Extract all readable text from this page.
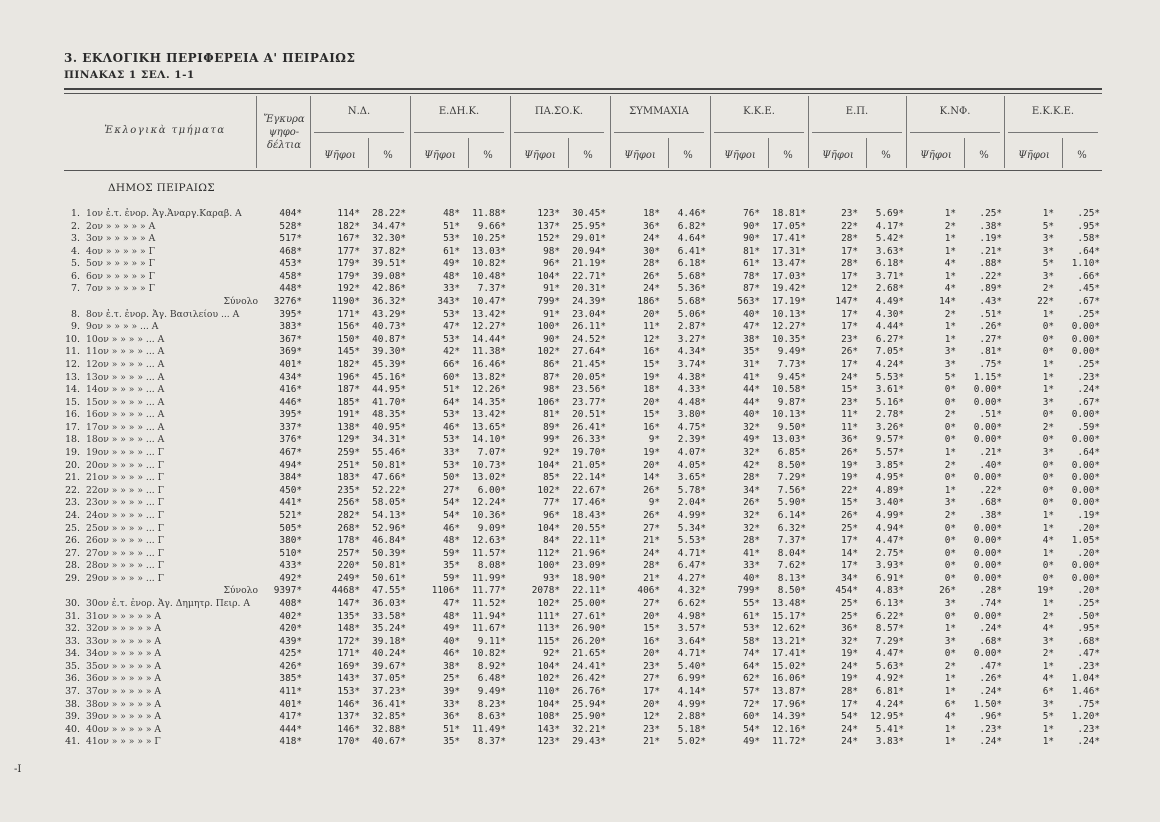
3. ΕΚΛΟΓΙΚΗ ΠΕΡΙΦΕΡΕΙΑ Α' ΠΕΙΡΑΙΩΣ
ΠΙΝΑΚΑΣ 1 ΣΕΛ. 1-1
Ἐκλογικὰ τμήματα
Ἔγκυρα
ψηφο-
δέλτια
Ν.Δ.
Ψῆφοι	%
Ε.ΔΗ.Κ.
Ψῆφοι	%
ΠΑ.ΣΟ.Κ.
Ψῆφοι	%
ΣΥΜΜΑΧΙΑ
Ψῆφοι	%
Κ.Κ.Ε.
Ψῆφοι	%
Ε.Π.
Ψῆφοι	%
Κ.ΝΦ.
Ψῆφοι	%
Ε.Κ.Κ.Ε.
Ψῆφοι	%
ΔΗΜΟΣ ΠΕΙΡΑΙΩΣ
1. 1ον ἐ.τ. ἐνορ. Ἀγ.Ἀναργ.Καραβ. Α	404*	114*	28.22*	48*	11.88*	123*	30.45*	18*	4.46*	76*	18.81*	23*	5.69*	1*	.25*	1*	.25*
2. 2ον » » » » » Α	528*	182*	34.47*	51*	9.66*	137*	25.95*	36*	6.82*	90*	17.05*	22*	4.17*	2*	.38*	5*	.95*
3. 3ον » » » » » Α	517*	167*	32.30*	53*	10.25*	152*	29.01*	24*	4.64*	90*	17.41*	28*	5.42*	1*	.19*	3*	.58*
4. 4ον » » » » » Γ	468*	177*	37.82*	61*	13.03*	98*	20.94*	30*	6.41*	81*	17.31*	17*	3.63*	1*	.21*	3*	.64*
5. 5ον » » » » » Γ	453*	179*	39.51*	49*	10.82*	96*	21.19*	28*	6.18*	61*	13.47*	28*	6.18*	4*	.88*	5*	1.10*
6. 6ον » » » » » Γ	458*	179*	39.08*	48*	10.48*	104*	22.71*	26*	5.68*	78*	17.03*	17*	3.71*	1*	.22*	3*	.66*
7. 7ον » » » » » Γ	448*	192*	42.86*	33*	7.37*	91*	20.31*	24*	5.36*	87*	19.42*	12*	2.68*	4*	.89*	2*	.45*
Σύνολο	3276*	1190*	36.32*	343*	10.47*	799*	24.39*	186*	5.68*	563*	17.19*	147*	4.49*	14*	.43*	22*	.67*
8. 8ον ἐ.τ. ἐνορ. Ἀγ. Βασιλείου ... Α	395*	171*	43.29*	53*	13.42*	91*	23.04*	20*	5.06*	40*	10.13*	17*	4.30*	2*	.51*	1*	.25*
9. 9ον » » » » ... Α	383*	156*	40.73*	47*	12.27*	100*	26.11*	11*	2.87*	47*	12.27*	17*	4.44*	1*	.26*	0*	0.00*
10. 10ον » » » » ... Α	367*	150*	40.87*	53*	14.44*	90*	24.52*	12*	3.27*	38*	10.35*	23*	6.27*	1*	.27*	0*	0.00*
11. 11ον » » » » ... Α	369*	145*	39.30*	42*	11.38*	102*	27.64*	16*	4.34*	35*	9.49*	26*	7.05*	3*	.81*	0*	0.00*
12. 12ον » » » » ... Α	401*	182*	45.39*	66*	16.46*	86*	21.45*	15*	3.74*	31*	7.73*	17*	4.24*	3*	.75*	1*	.25*
13. 13ον » » » » ... Α	434*	196*	45.16*	60*	13.82*	87*	20.05*	19*	4.38*	41*	9.45*	24*	5.53*	5*	1.15*	1*	.23*
14. 14ον » » » » ... Α	416*	187*	44.95*	51*	12.26*	98*	23.56*	18*	4.33*	44*	10.58*	15*	3.61*	0*	0.00*	1*	.24*
15. 15ον » » » » ... Α	446*	185*	41.70*	64*	14.35*	106*	23.77*	20*	4.48*	44*	9.87*	23*	5.16*	0*	0.00*	3*	.67*
16. 16ον » » » » ... Α	395*	191*	48.35*	53*	13.42*	81*	20.51*	15*	3.80*	40*	10.13*	11*	2.78*	2*	.51*	0*	0.00*
17. 17ον » » » » ... Α	337*	138*	40.95*	46*	13.65*	89*	26.41*	16*	4.75*	32*	9.50*	11*	3.26*	0*	0.00*	2*	.59*
18. 18ον » » » » ... Α	376*	129*	34.31*	53*	14.10*	99*	26.33*	9*	2.39*	49*	13.03*	36*	9.57*	0*	0.00*	0*	0.00*
19. 19ον » » » » ... Γ	467*	259*	55.46*	33*	7.07*	92*	19.70*	19*	4.07*	32*	6.85*	26*	5.57*	1*	.21*	3*	.64*
20. 20ον » » » » ... Γ	494*	251*	50.81*	53*	10.73*	104*	21.05*	20*	4.05*	42*	8.50*	19*	3.85*	2*	.40*	0*	0.00*
21. 21ον » » » » ... Γ	384*	183*	47.66*	50*	13.02*	85*	22.14*	14*	3.65*	28*	7.29*	19*	4.95*	0*	0.00*	0*	0.00*
22. 22ον » » » » ... Γ	450*	235*	52.22*	27*	6.00*	102*	22.67*	26*	5.78*	34*	7.56*	22*	4.89*	1*	.22*	0*	0.00*
23. 23ον » » » » ... Γ	441*	256*	58.05*	54*	12.24*	77*	17.46*	9*	2.04*	26*	5.90*	15*	3.40*	3*	.68*	0*	0.00*
24. 24ον » » » » ... Γ	521*	282*	54.13*	54*	10.36*	96*	18.43*	26*	4.99*	32*	6.14*	26*	4.99*	2*	.38*	1*	.19*
25. 25ον » » » » ... Γ	505*	268*	52.96*	46*	9.09*	104*	20.55*	27*	5.34*	32*	6.32*	25*	4.94*	0*	0.00*	1*	.20*
26. 26ον » » » » ... Γ	380*	178*	46.84*	48*	12.63*	84*	22.11*	21*	5.53*	28*	7.37*	17*	4.47*	0*	0.00*	4*	1.05*
27. 27ον » » » » ... Γ	510*	257*	50.39*	59*	11.57*	112*	21.96*	24*	4.71*	41*	8.04*	14*	2.75*	0*	0.00*	1*	.20*
28. 28ον » » » » ... Γ	433*	220*	50.81*	35*	8.08*	100*	23.09*	28*	6.47*	33*	7.62*	17*	3.93*	0*	0.00*	0*	0.00*
29. 29ον » » » » ... Γ	492*	249*	50.61*	59*	11.99*	93*	18.90*	21*	4.27*	40*	8.13*	34*	6.91*	0*	0.00*	0*	0.00*
Σύνολο	9397*	4468*	47.55*	1106*	11.77*	2078*	22.11*	406*	4.32*	799*	8.50*	454*	4.83*	26*	.28*	19*	.20*
30. 30ον ἐ.τ. ἐνορ. Ἀγ. Δημητρ. Πειρ. Α	408*	147*	36.03*	47*	11.52*	102*	25.00*	27*	6.62*	55*	13.48*	25*	6.13*	3*	.74*	1*	.25*
31. 31ον » » » » » Α	402*	135*	33.58*	48*	11.94*	111*	27.61*	20*	4.98*	61*	15.17*	25*	6.22*	0*	0.00*	2*	.50*
32. 32ον » » » » » Α	420*	148*	35.24*	49*	11.67*	113*	26.90*	15*	3.57*	53*	12.62*	36*	8.57*	1*	.24*	4*	.95*
33. 33ον » » » » » Α	439*	172*	39.18*	40*	9.11*	115*	26.20*	16*	3.64*	58*	13.21*	32*	7.29*	3*	.68*	3*	.68*
34. 34ον » » » » » Α	425*	171*	40.24*	46*	10.82*	92*	21.65*	20*	4.71*	74*	17.41*	19*	4.47*	0*	0.00*	2*	.47*
35. 35ον » » » » » Α	426*	169*	39.67*	38*	8.92*	104*	24.41*	23*	5.40*	64*	15.02*	24*	5.63*	2*	.47*	1*	.23*
36. 36ον » » » » » Α	385*	143*	37.05*	25*	6.48*	102*	26.42*	27*	6.99*	62*	16.06*	19*	4.92*	1*	.26*	4*	1.04*
37. 37ον » » » » » Α	411*	153*	37.23*	39*	9.49*	110*	26.76*	17*	4.14*	57*	13.87*	28*	6.81*	1*	.24*	6*	1.46*
38. 38ον » » » » » Α	401*	146*	36.41*	33*	8.23*	104*	25.94*	20*	4.99*	72*	17.96*	17*	4.24*	6*	1.50*	3*	.75*
39. 39ον » » » » » Α	417*	137*	32.85*	36*	8.63*	108*	25.90*	12*	2.88*	60*	14.39*	54*	12.95*	4*	.96*	5*	1.20*
40. 40ον » » » » » Α	444*	146*	32.88*	51*	11.49*	143*	32.21*	23*	5.18*	54*	12.16*	24*	5.41*	1*	.23*	1*	.23*
41. 41ον » » » » » Γ	418*	170*	40.67*	35*	8.37*	123*	29.43*	21*	5.02*	49*	11.72*	24*	3.83*	1*	.24*	1*	.24*
-I
